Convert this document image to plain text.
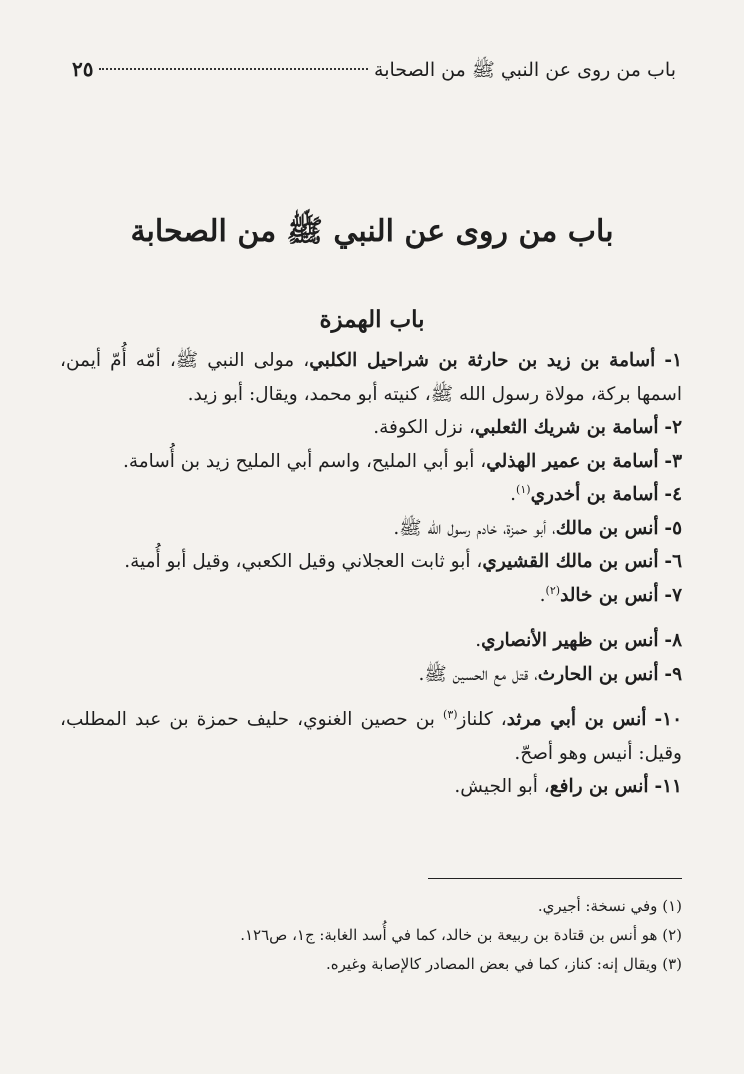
باب من روى عن النبي ﷺ من الصحابة
٢٥
باب من روى عن النبي ﷺ من الصحابة
باب الهمزة

١- أسامة بن زيد بن حارثة بن شراحيل الكلبي، مولى النبي ﷺ، أمّه أُمّ أيمن، اسمها بركة، مولاة رسول الله ﷺ، كنيته أبو محمد، ويقال: أبو زيد.

٢- أسامة بن شريك الثعلبي، نزل الكوفة.

٣- أسامة بن عمير الهذلي، أبو أبي المليح، واسم أبي المليح زيد بن أُسامة.

٤- أسامة بن أخدري$^{(١)}$.

٥- أنس بن مالك، أبو حمزة، خادم رسول الله ﷺ.

٦- أنس بن مالك القشيري، أبو ثابت العجلاني وقيل الكعبي، وقيل أبو أُمية.

٧- أنس بن خالد$^{(٢)}$.

٨- أنس بن ظهير الأنصاري.

٩- أنس بن الحارث، قتل مع الحسين ﷺ.

١٠- أنس بن أبي مرثد، كلناز$^{(٣)}$ بن حصين الغنوي، حليف حمزة بن عبد المطلب، وقيل: أنيس وهو أصحّ.

١١- أنس بن رافع، أبو الجيش.

(١) وفي نسخة: أجيري.

(٢) هو أنس بن قتادة بن ربيعة بن خالد، كما في أُسد الغابة: ج١، ص١٢٦.

(٣) ويقال إنه: كناز، كما في بعض المصادر كالإصابة وغيره.
